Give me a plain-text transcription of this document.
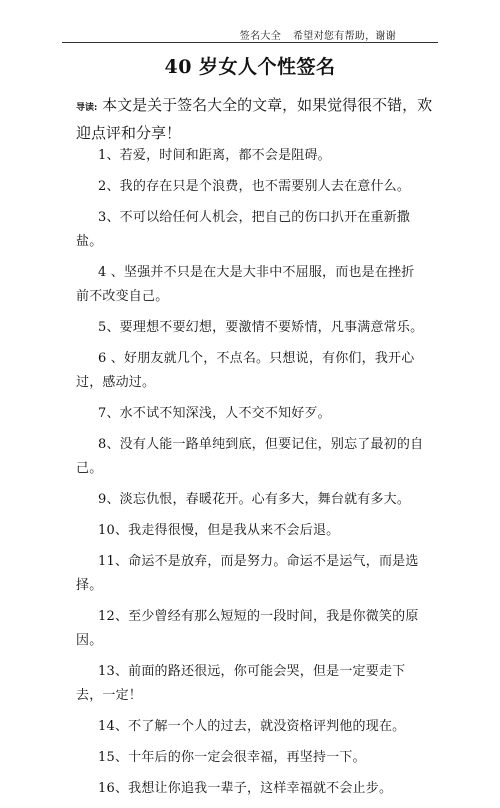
签名大全 希望对您有帮助，谢谢
40 岁女人个性签名
导读: 本文是关于签名大全的文章，如果觉得很不错，欢迎点评和分享！

1、若爱，时间和距离，都不会是阻碍。

2、我的存在只是个浪费，也不需要别人去在意什么。

3、不可以给任何人机会，把自己的伤口扒开在重新撒盐。

4 、坚强并不只是在大是大非中不屈服，而也是在挫折前不改变自己。

5、要理想不要幻想，要激情不要矫情，凡事满意常乐。

6 、好朋友就几个，不点名。只想说，有你们，我开心过，感动过。

7、水不试不知深浅，人不交不知好歹。

8、没有人能一路单纯到底，但要记住，别忘了最初的自己。

9、淡忘仇恨，春暖花开。心有多大，舞台就有多大。

10、我走得很慢，但是我从来不会后退。

11、命运不是放弃，而是努力。命运不是运气，而是选择。

12、至少曾经有那么短短的一段时间，我是你微笑的原因。

13、前面的路还很远，你可能会哭，但是一定要走下去，一定！

14、不了解一个人的过去，就没资格评判他的现在。

15、十年后的你一定会很幸福，再坚持一下。

16、我想让你追我一辈子，这样幸福就不会止步。
